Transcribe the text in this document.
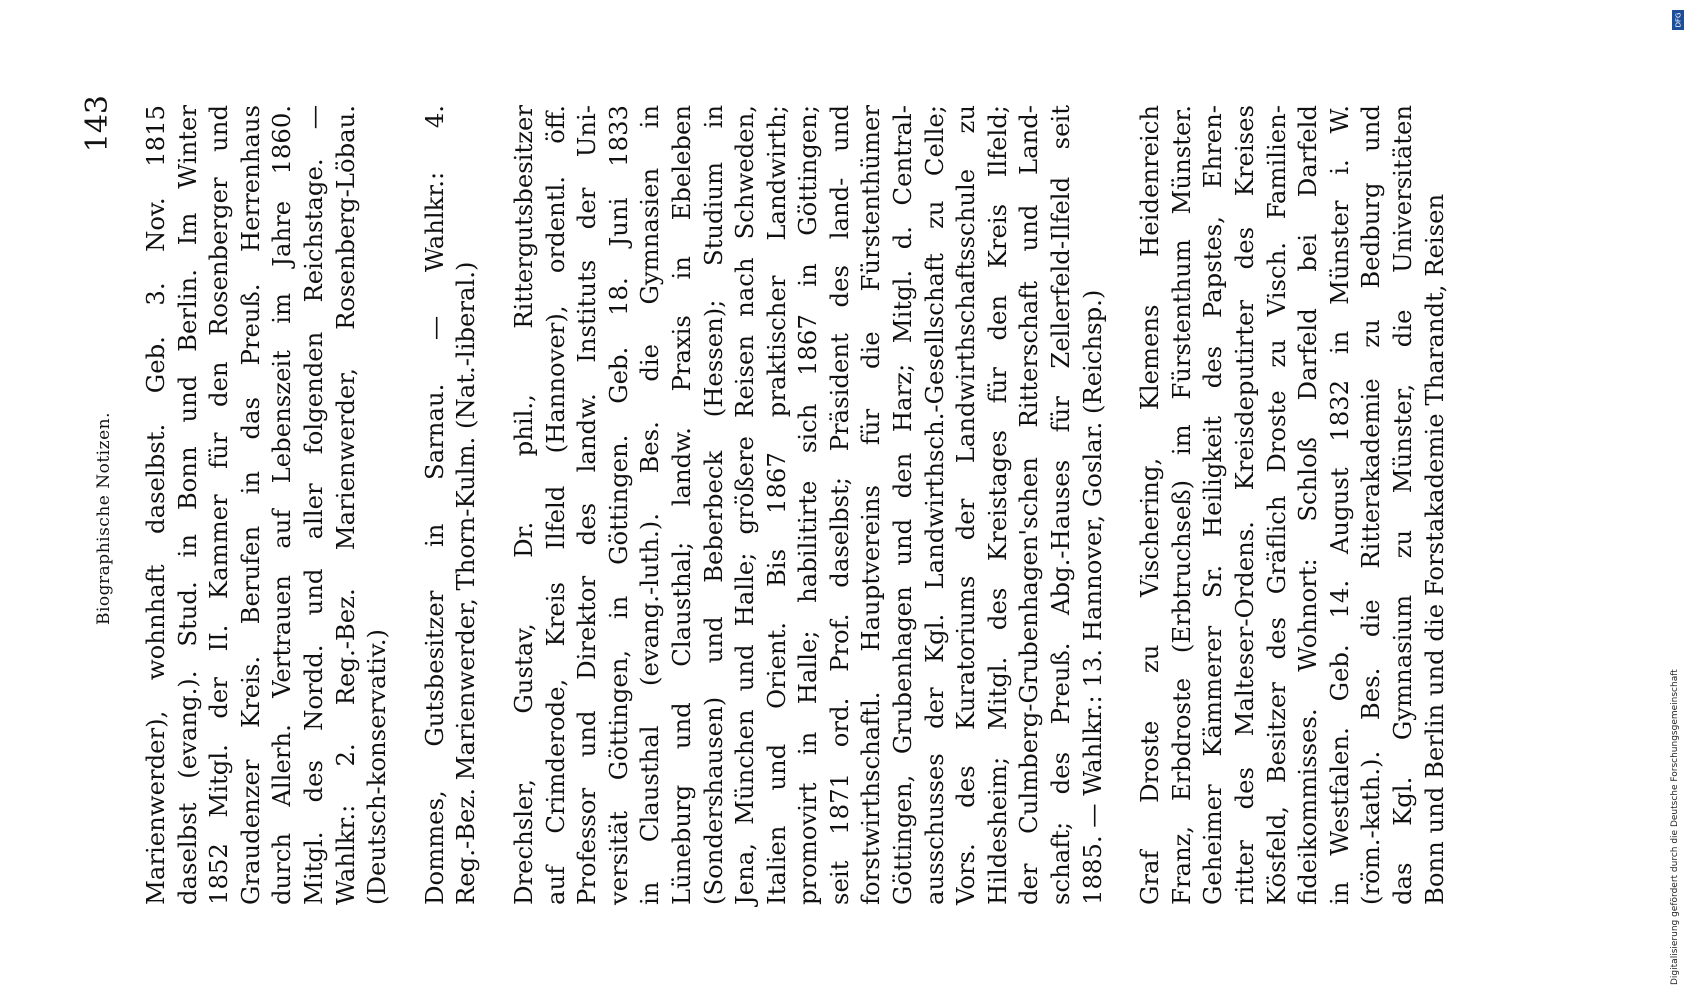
Biographische Notizen.
143 Marienwerder), wohnhaft daselbst. Geb. 3. Nov. 1815 daselbst (evang.). Stud. in Bonn und Berlin. Im Winter 1852 Mitgl. der II. Kammer für den Rosenberger und Graudenzer Kreis. Berufen in das Preuß. Herrenhaus durch Allerh. Vertrauen auf Lebenszeit im Jahre 1860. Mitgl. des Nordd. und aller folgenden Reichstage. — Wahlkr.: 2. Reg.-Bez. Marienwerder, Rosenberg-Löbau. (Deutsch-konservativ.) Dommes, Gutsbesitzer in Sarnau. — Wahlkr.: 4. Reg.-Bez. Marienwerder, Thorn-Kulm. (Nat.-liberal.) Drechsler, Gustav, Dr. phil., Rittergutsbesitzer auf Crimderode, Kreis Ilfeld (Hannover), ordentl. öff. Professor und Direktor des landw. Instituts der Uni- versität Göttingen, in Göttingen. Geb. 18. Juni 1833 in Clausthal (evang.-luth.). Bes. die Gymnasien in Lüneburg und Clausthal; landw. Praxis in Ebeleben (Sondershausen) und Beberbeck (Hessen); Studium in Jena, München und Halle; größere Reisen nach Schweden, Italien und Orient. Bis 1867 praktischer Landwirth; promovirt in Halle; habilitirte sich 1867 in Göttingen; seit 1871 ord. Prof. daselbst; Präsident des land- und forstwirthschaftl. Hauptvereins für die Fürstenthümer Göttingen, Grubenhagen und den Harz; Mitgl. d. Central- ausschusses der Kgl. Landwirthsch.-Gesellschaft zu Celle; Vors. des Kuratoriums der Landwirthschaftsschule zu Hildesheim; Mitgl. des Kreistages für den Kreis Ilfeld; der Culmberg-Grubenhagen'schen Ritterschaft und Land- schaft; des Preuß. Abg.-Hauses für Zellerfeld-Ilfeld seit 1885. — Wahlkr.: 13. Hannover, Goslar. (Reichsp.) Graf Droste zu Vischering, Klemens Heidenreich Franz, Erbdroste (Erbtruchseß) im Fürstenthum Münster. Geheimer Kämmerer Sr. Heiligkeit des Papstes, Ehren- ritter des Malteser-Ordens. Kreisdeputirter des Kreises Kösfeld, Besitzer des Gräflich Droste zu Visch. Familien- fideikommisses. Wohnort: Schloß Darfeld bei Darfeld in Westfalen. Geb. 14. August 1832 in Münster i. W. (röm.-kath.). Bes. die Ritterakademie zu Bedburg und das Kgl. Gymnasium zu Münster, die Universitäten Bonn und Berlin und die Forstakademie Tharandt, Reisen
DFG
Digitalisierung gefördert durch die Deutsche Forschungsgemeinschaft
